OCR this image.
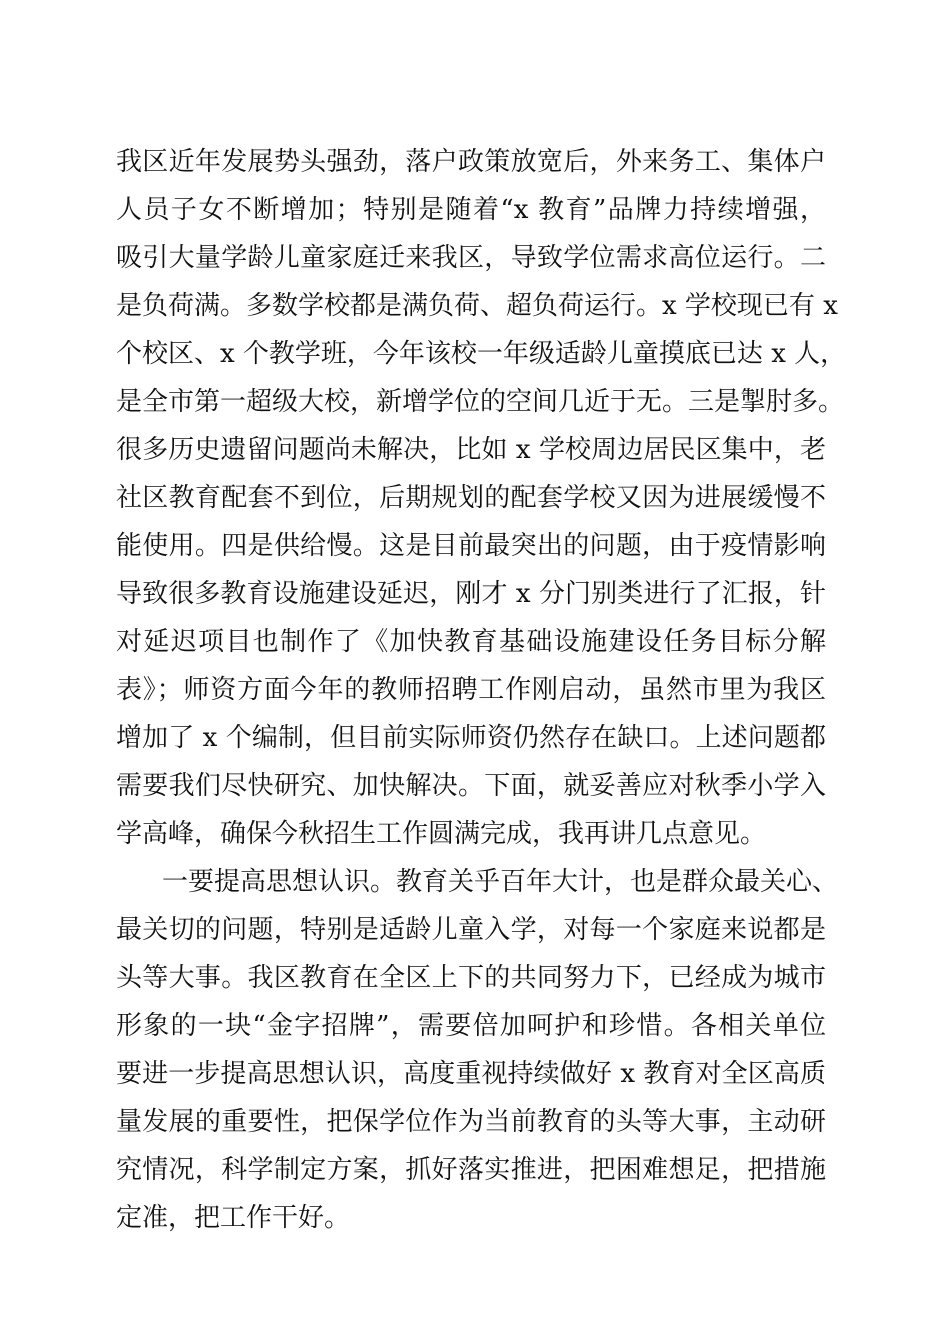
我区近年发展势头强劲，落户政策放宽后，外来务工、集体户
人员子女不断增加；特别是随着“x 教育”品牌力持续增强，
吸引大量学龄儿童家庭迁来我区，导致学位需求高位运行。二
是负荷满。多数学校都是满负荷、超负荷运行。x 学校现已有 x
个校区、x 个教学班，今年该校一年级适龄儿童摸底已达 x 人，
是全市第一超级大校，新增学位的空间几近于无。三是掣肘多。
很多历史遗留问题尚未解决，比如 x 学校周边居民区集中，老
社区教育配套不到位，后期规划的配套学校又因为进展缓慢不
能使用。四是供给慢。这是目前最突出的问题，由于疫情影响
导致很多教育设施建设延迟，刚才 x 分门别类进行了汇报，针
对延迟项目也制作了《加快教育基础设施建设任务目标分解
表》；师资方面今年的教师招聘工作刚启动，虽然市里为我区
增加了 x 个编制，但目前实际师资仍然存在缺口。上述问题都
需要我们尽快研究、加快解决。下面，就妥善应对秋季小学入
学高峰，确保今秋招生工作圆满完成，我再讲几点意见。
一要提高思想认识。教育关乎百年大计，也是群众最关心、
最关切的问题，特别是适龄儿童入学，对每一个家庭来说都是
头等大事。我区教育在全区上下的共同努力下，已经成为城市
形象的一块“金字招牌”，需要倍加呵护和珍惜。各相关单位
要进一步提高思想认识，高度重视持续做好 x 教育对全区高质
量发展的重要性，把保学位作为当前教育的头等大事，主动研
究情况，科学制定方案，抓好落实推进，把困难想足，把措施
定准，把工作干好。
